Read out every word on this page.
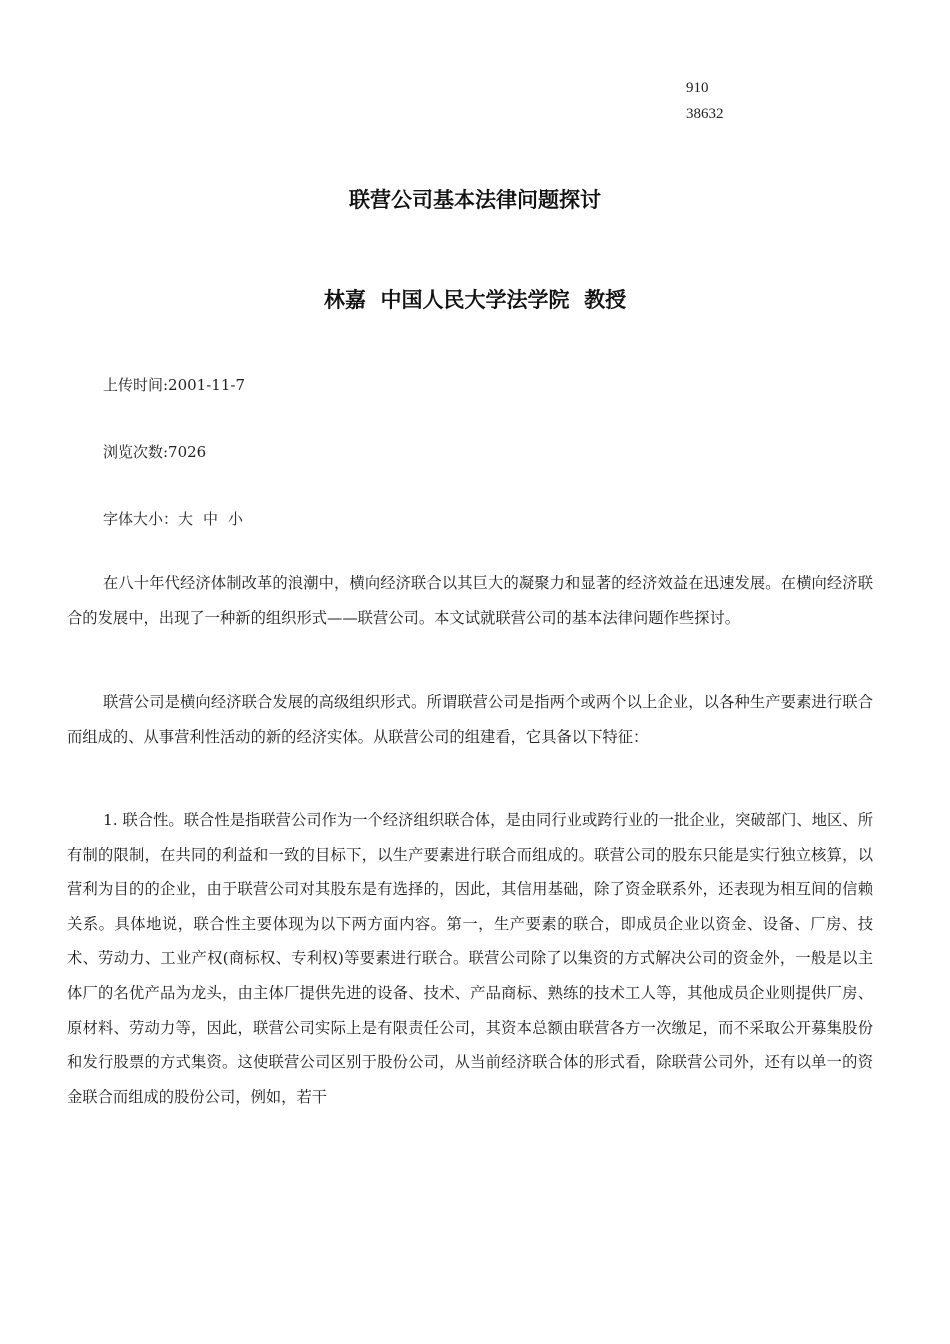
910
38632
联营公司基本法律问题探讨
林嘉  中国人民大学法学院  教授
上传时间:2001-11-7
浏览次数:7026
字体大小：大 中 小

在八十年代经济体制改革的浪潮中，横向经济联合以其巨大的凝聚力和显著的经济效益在迅速发展。在横向经济联合的发展中，出现了一种新的组织形式——联营公司。本文试就联营公司的基本法律问题作些探讨。

联营公司是横向经济联合发展的高级组织形式。所谓联营公司是指两个或两个以上企业，以各种生产要素进行联合而组成的、从事营利性活动的新的经济实体。从联营公司的组建看，它具备以下特征：

1. 联合性。联合性是指联营公司作为一个经济组织联合体，是由同行业或跨行业的一批企业，突破部门、地区、所有制的限制，在共同的利益和一致的目标下，以生产要素进行联合而组成的。联营公司的股东只能是实行独立核算，以营利为目的的企业，由于联营公司对其股东是有选择的，因此，其信用基础，除了资金联系外，还表现为相互间的信赖关系。具体地说，联合性主要体现为以下两方面内容。第一，生产要素的联合，即成员企业以资金、设备、厂房、技术、劳动力、工业产权(商标权、专利权)等要素进行联合。联营公司除了以集资的方式解决公司的资金外，一般是以主体厂的名优产品为龙头，由主体厂提供先进的设备、技术、产品商标、熟练的技术工人等，其他成员企业则提供厂房、原材料、劳动力等，因此，联营公司实际上是有限责任公司，其资本总额由联营各方一次缴足，而不采取公开募集股份和发行股票的方式集资。这使联营公司区别于股份公司，从当前经济联合体的形式看，除联营公司外，还有以单一的资金联合而组成的股份公司，例如，若干
